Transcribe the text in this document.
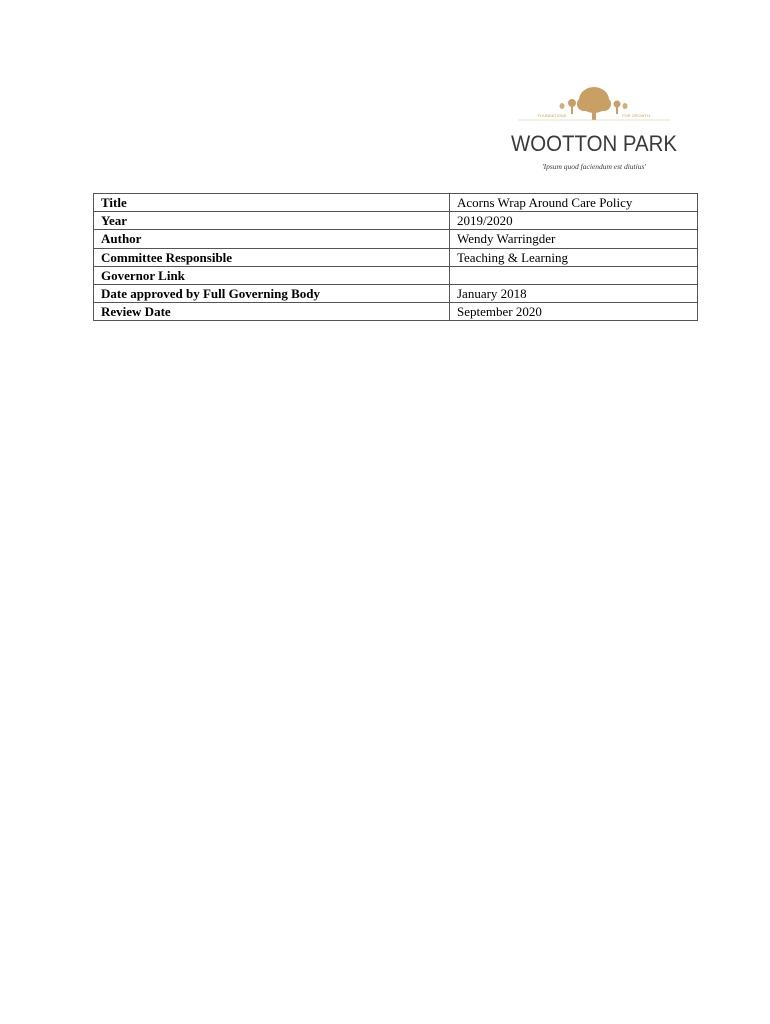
FOUNDATIONS	FOR GROWTH
WOOTTON PARK
'Ipsum quod faciendum est diutius'
Title	Acorns Wrap Around Care Policy
Year	2019/2020
Author	Wendy Warringder
Committee Responsible	Teaching & Learning
Governor Link	
Date approved by Full Governing Body	January 2018
Review Date	September 2020
